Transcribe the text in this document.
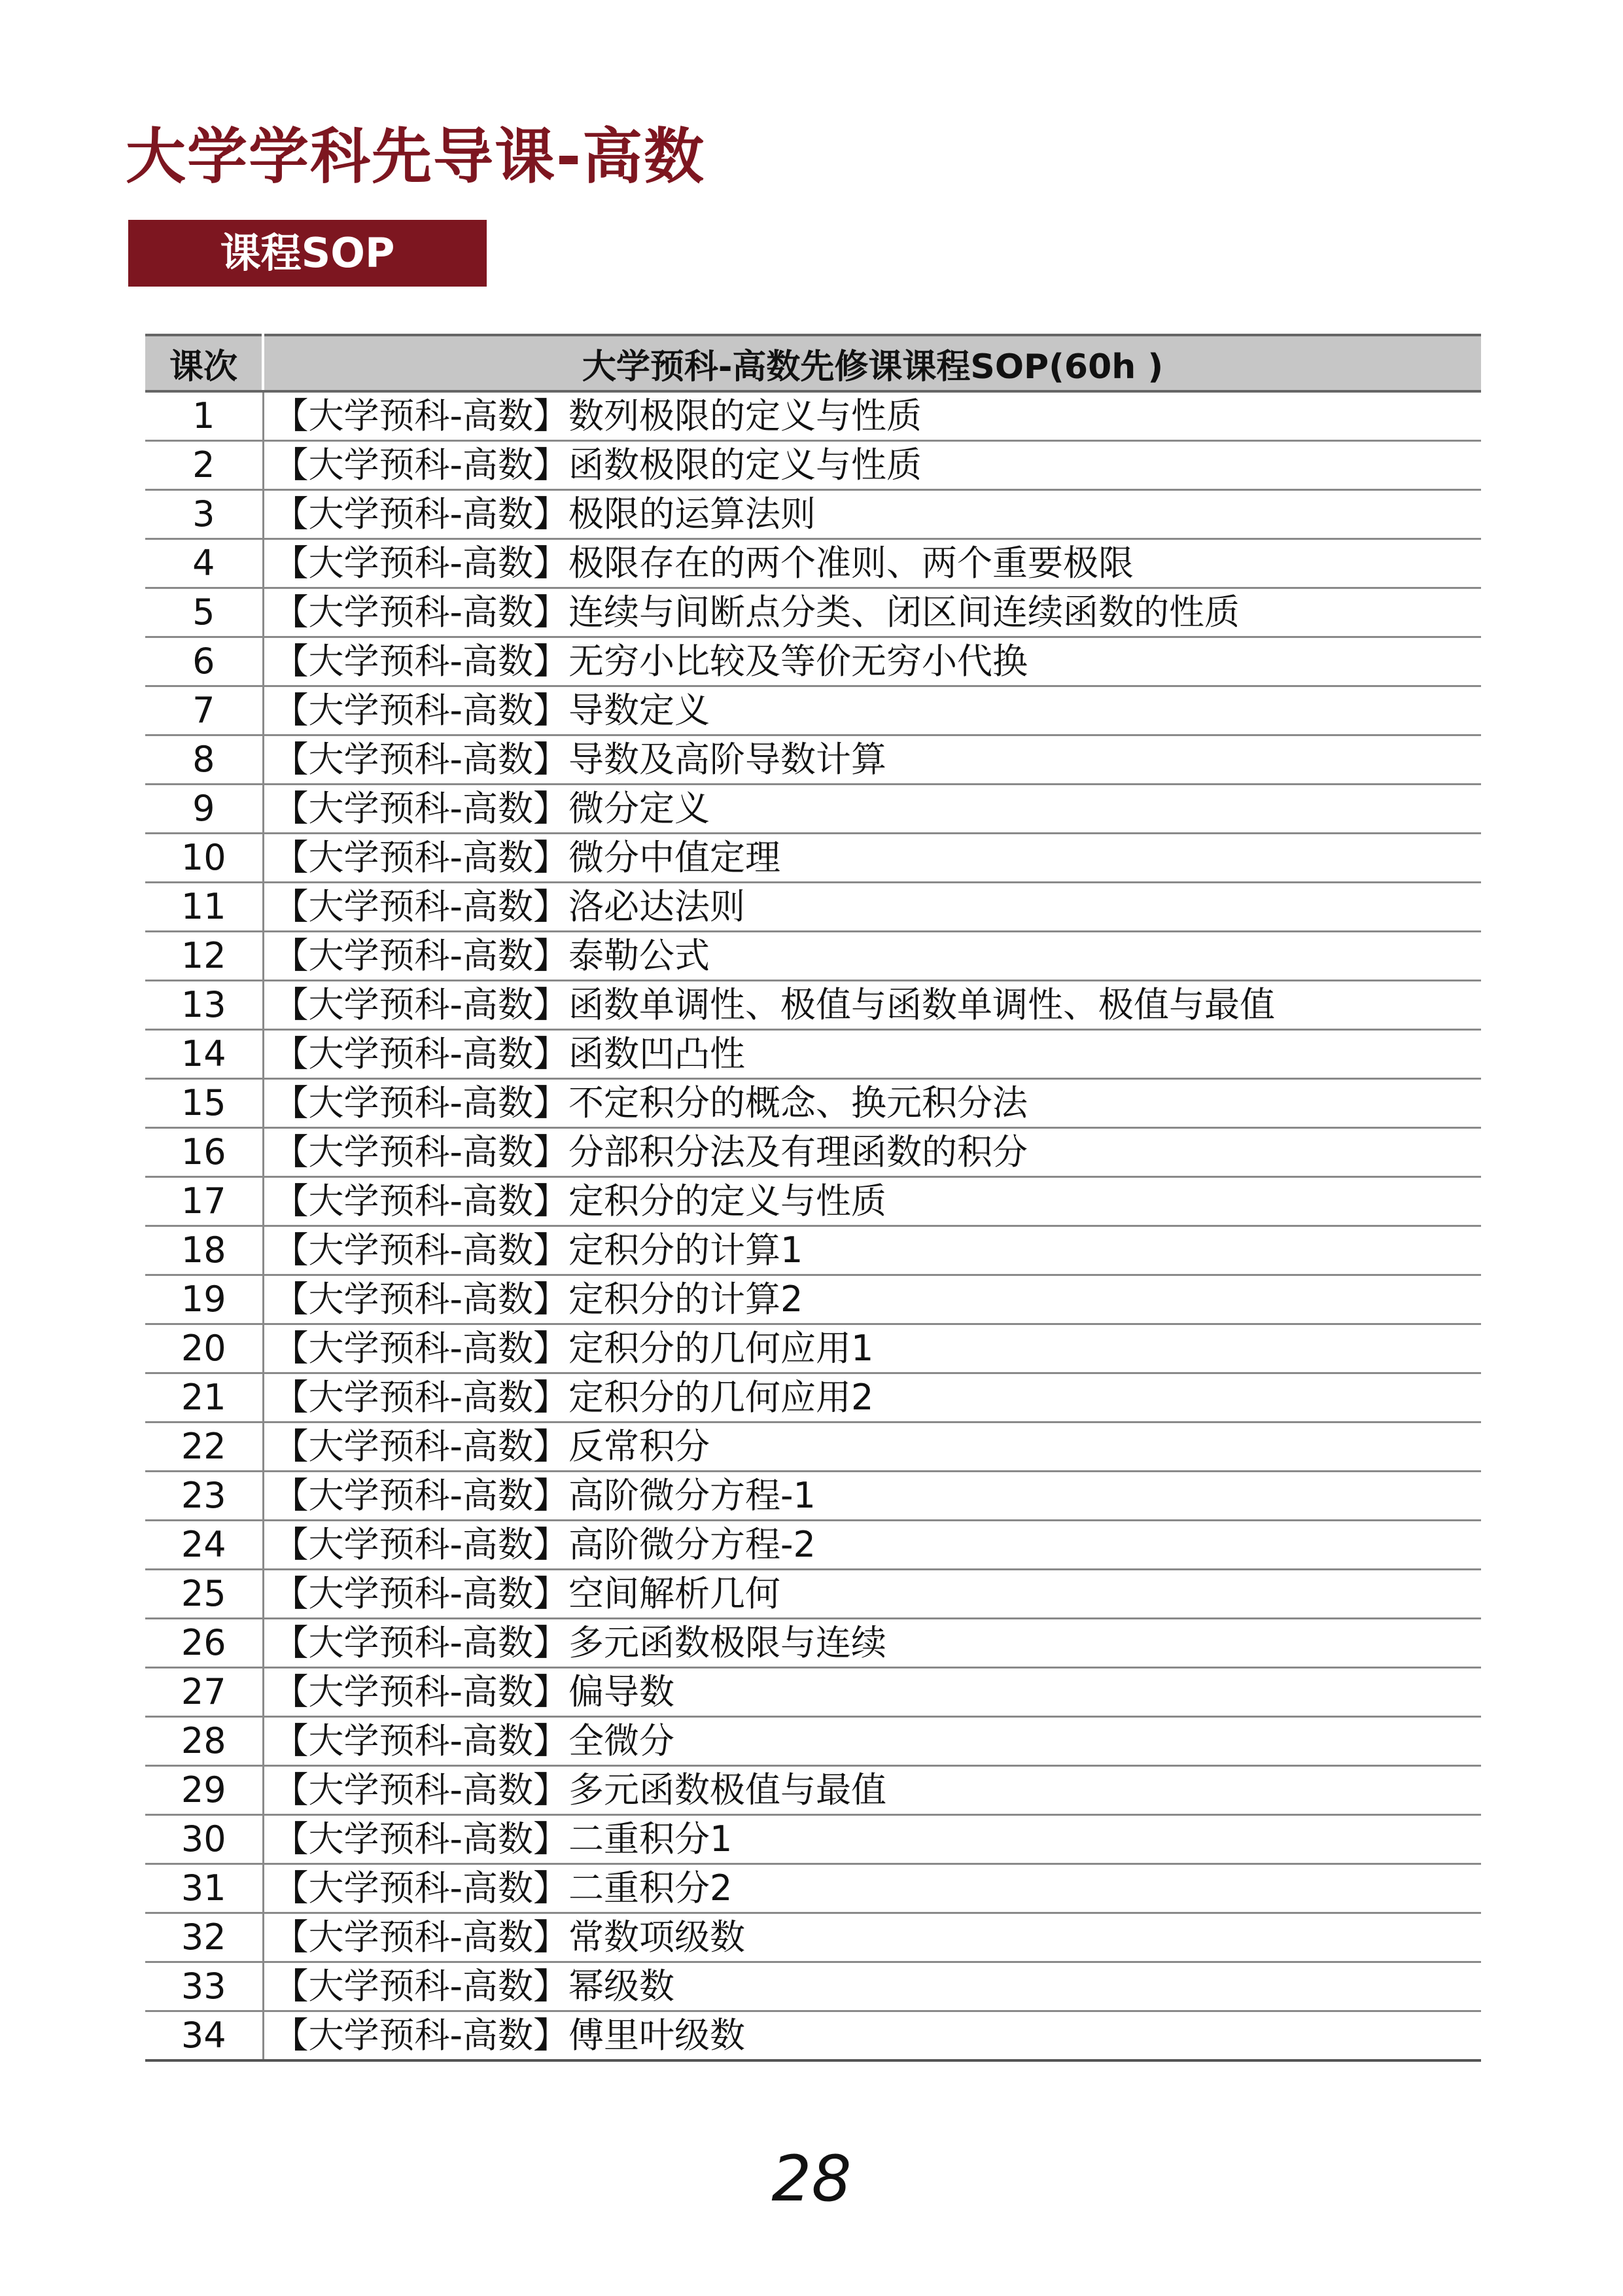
大学学科先导课-高数
课程SOP
课次	大学预科-高数先修课课程SOP(60h )
1	【大学预科-高数】数列极限的定义与性质
2	【大学预科-高数】函数极限的定义与性质
3	【大学预科-高数】极限的运算法则
4	【大学预科-高数】极限存在的两个准则、两个重要极限
5	【大学预科-高数】连续与间断点分类、闭区间连续函数的性质
6	【大学预科-高数】无穷小比较及等价无穷小代换
7	【大学预科-高数】导数定义
8	【大学预科-高数】导数及高阶导数计算
9	【大学预科-高数】微分定义
10	【大学预科-高数】微分中值定理
11	【大学预科-高数】洛必达法则
12	【大学预科-高数】泰勒公式
13	【大学预科-高数】函数单调性、极值与函数单调性、极值与最值
14	【大学预科-高数】函数凹凸性
15	【大学预科-高数】不定积分的概念、换元积分法
16	【大学预科-高数】分部积分法及有理函数的积分
17	【大学预科-高数】定积分的定义与性质
18	【大学预科-高数】定积分的计算1
19	【大学预科-高数】定积分的计算2
20	【大学预科-高数】定积分的几何应用1
21	【大学预科-高数】定积分的几何应用2
22	【大学预科-高数】反常积分
23	【大学预科-高数】高阶微分方程-1
24	【大学预科-高数】高阶微分方程-2
25	【大学预科-高数】空间解析几何
26	【大学预科-高数】多元函数极限与连续
27	【大学预科-高数】偏导数
28	【大学预科-高数】全微分
29	【大学预科-高数】多元函数极值与最值
30	【大学预科-高数】二重积分1
31	【大学预科-高数】二重积分2
32	【大学预科-高数】常数项级数
33	【大学预科-高数】幂级数
34	【大学预科-高数】傅里叶级数
28
